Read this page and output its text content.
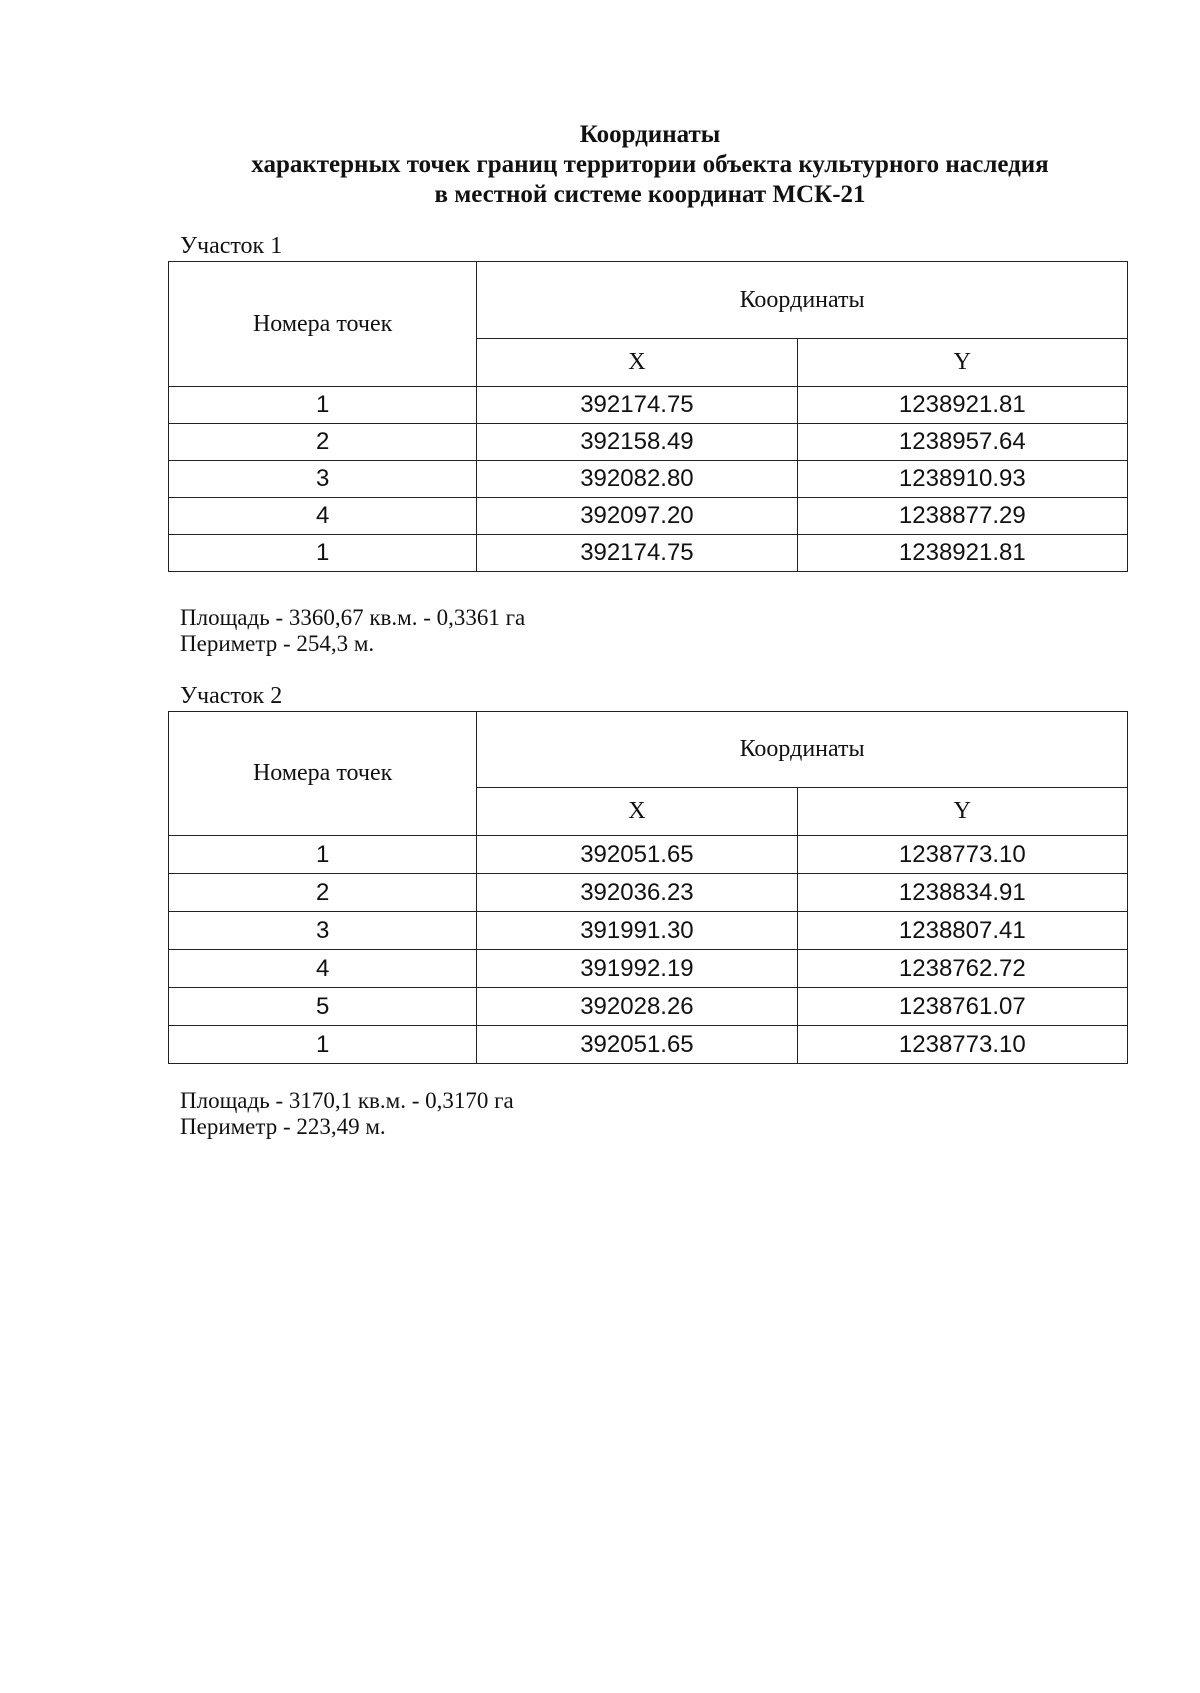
Координаты
характерных точек границ территории объекта культурного наследия
в местной системе координат МСК-21
Участок 1
Номера точек	Координаты	
	X	Y
1	392174.75	1238921.81
2	392158.49	1238957.64
3	392082.80	1238910.93
4	392097.20	1238877.29
1	392174.75	1238921.81
Площадь - 3360,67 кв.м. - 0,3361 га
Периметр - 254,3 м.
Участок 2
Номера точек	Координаты	
	X	Y
1	392051.65	1238773.10
2	392036.23	1238834.91
3	391991.30	1238807.41
4	391992.19	1238762.72
5	392028.26	1238761.07
1	392051.65	1238773.10
Площадь - 3170,1 кв.м. - 0,3170 га
Периметр - 223,49 м.
